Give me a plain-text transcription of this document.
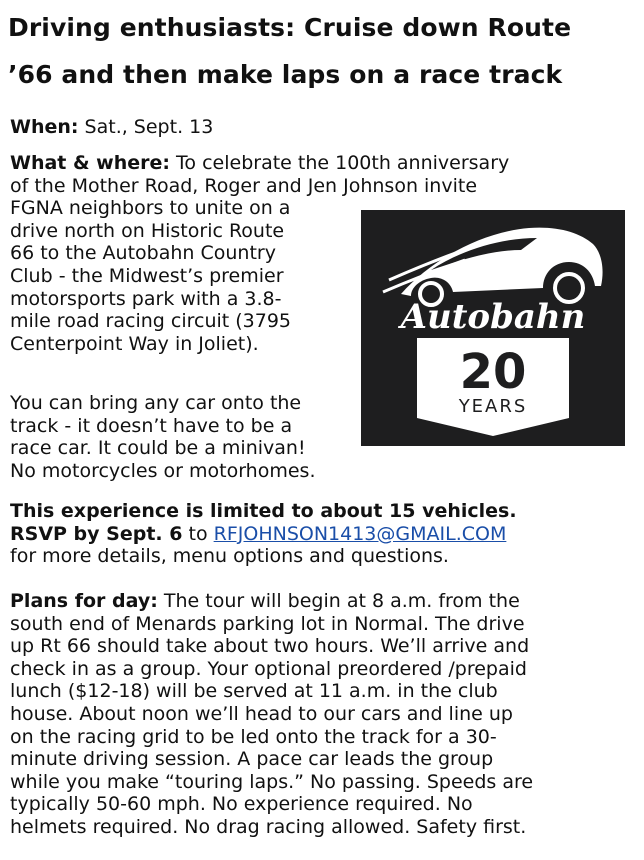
Driving enthusiasts: Cruise down Route
’66 and then make laps on a race track
When: Sat., Sept. 13
What & where: To celebrate the 100th anniversary
of the Mother Road, Roger and Jen Johnson invite
FGNA neighbors to unite on a
drive north on Historic Route
66 to the Autobahn Country
Club - the Midwest’s premier
motorsports park with a 3.8-
mile road racing circuit (3795
Centerpoint Way in Joliet).
You can bring any car onto the
track - it doesn’t have to be a
race car. It could be a minivan!
No motorcycles or motorhomes.
This experience is limited to about 15 vehicles.
RSVP by Sept. 6 to RFJOHNSON1413@GMAIL.COM
for more details, menu options and questions.
Plans for day: The tour will begin at 8 a.m. from the
south end of Menards parking lot in Normal. The drive
up Rt 66 should take about two hours. We’ll arrive and
check in as a group. Your optional preordered /prepaid
lunch ($12-18) will be served at 11 a.m. in the club
house. About noon we’ll head to our cars and line up
on the racing grid to be led onto the track for a 30-
minute driving session. A pace car leads the group
while you make “touring laps.” No passing. Speeds are
typically 50-60 mph. No experience required. No
helmets required. No drag racing allowed. Safety first.
Autobahn
20
YEARS
